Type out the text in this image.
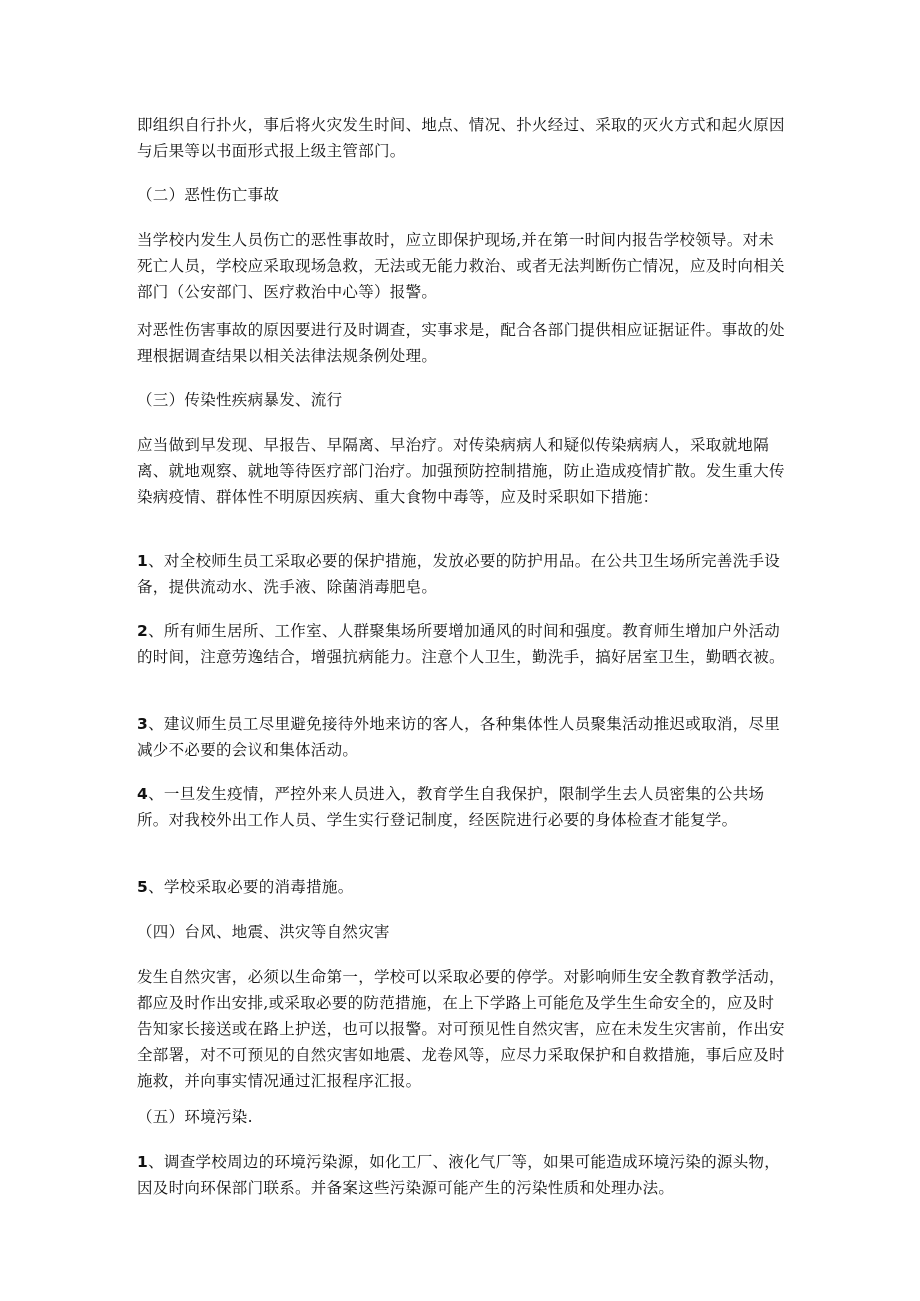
即组织自行扑火，事后将火灾发生时间、地点、情况、扑火经过、采取的灭火方式和起火原因与后果等以书面形式报上级主管部门。

（二）恶性伤亡事故

当学校内发生人员伤亡的恶性事故时，应立即保护现场,并在第一时间内报告学校领导。对未死亡人员，学校应采取现场急救，无法或无能力救治、或者无法判断伤亡情况，应及时向相关部门（公安部门、医疗救治中心等）报警。

对恶性伤害事故的原因要进行及时调查，实事求是，配合各部门提供相应证据证件。事故的处理根据调查结果以相关法律法规条例处理。

（三）传染性疾病暴发、流行

应当做到早发现、早报告、早隔离、早治疗。对传染病病人和疑似传染病病人，采取就地隔离、就地观察、就地等待医疗部门治疗。加强预防控制措施，防止造成疫情扩散。发生重大传染病疫情、群体性不明原因疾病、重大食物中毒等，应及时采职如下措施：

1、对全校师生员工采取必要的保护措施，发放必要的防护用品。在公共卫生场所完善洗手设备，提供流动水、洗手液、除菌消毒肥皂。

2、所有师生居所、工作室、人群聚集场所要增加通风的时间和强度。教育师生增加户外活动的时间，注意劳逸结合，增强抗病能力。注意个人卫生，勤洗手，搞好居室卫生，勤晒衣被。

3、建议师生员工尽里避免接待外地来访的客人，各种集体性人员聚集活动推迟或取消，尽里减少不必要的会议和集体活动。

4、一旦发生疫情，严控外来人员进入，教育学生自我保护，限制学生去人员密集的公共场所。对我校外出工作人员、学生实行登记制度，经医院进行必要的身体检查才能复学。

5、学校采取必要的消毒措施。

（四）台风、地震、洪灾等自然灾害

发生自然灾害，必须以生命第一，学校可以采取必要的停学。对影响师生安全教育教学活动，都应及时作出安排,或采取必要的防范措施，在上下学路上可能危及学生生命安全的，应及时告知家长接送或在路上护送，也可以报警。对可预见性自然灾害，应在未发生灾害前，作出安全部署，对不可预见的自然灾害如地震、龙卷风等，应尽力采取保护和自救措施，事后应及时施救，并向事实情况通过汇报程序汇报。

（五）环境污染.

1、调查学校周边的环境污染源，如化工厂、液化气厂等，如果可能造成环境污染的源头物，因及时向环保部门联系。并备案这些污染源可能产生的污染性质和处理办法。
